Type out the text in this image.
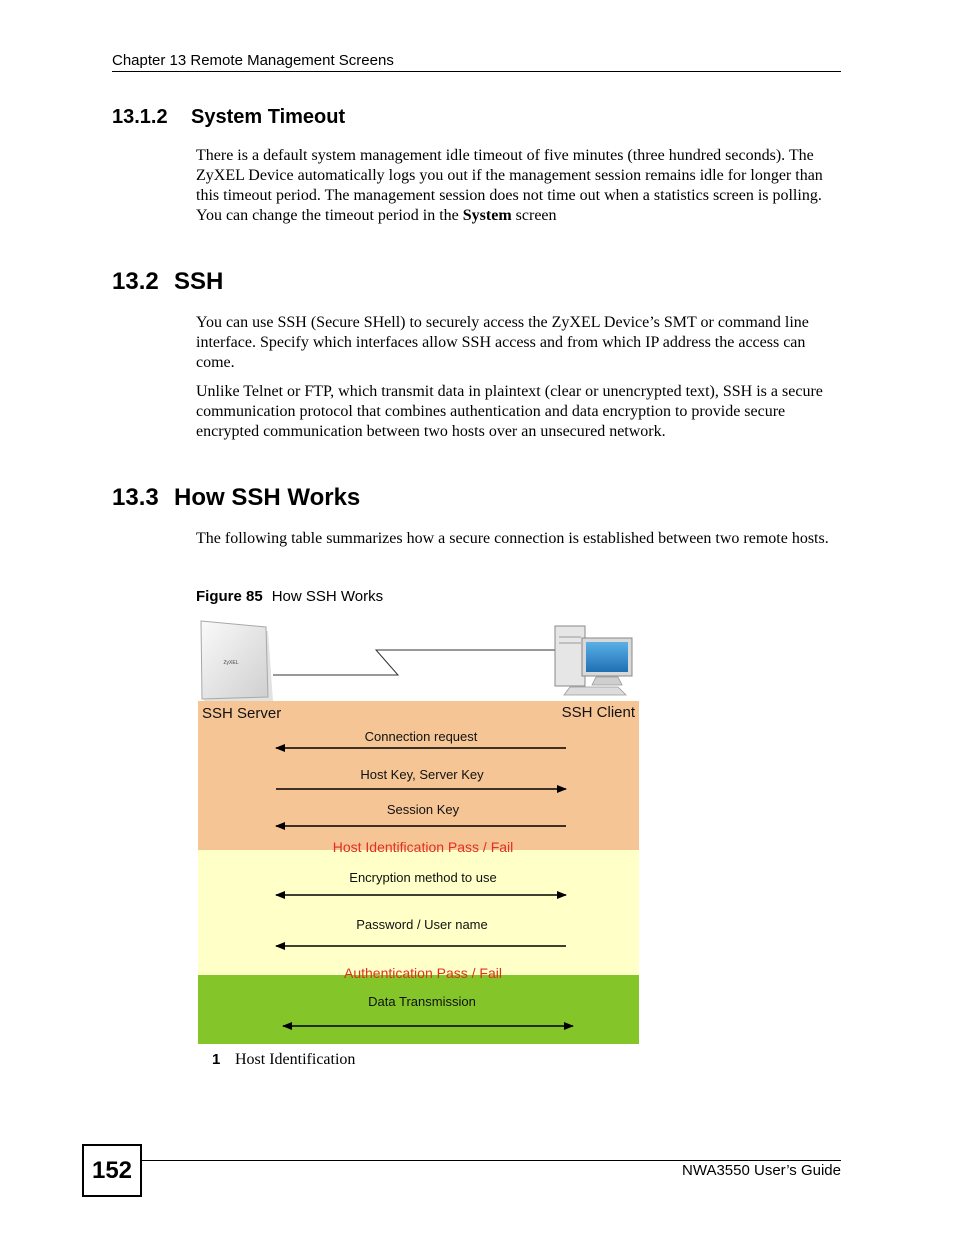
Chapter 13 Remote Management Screens
13.1.2 System Timeout

There is a default system management idle timeout of five minutes (three hundred seconds). The ZyXEL Device automatically logs you out if the management session remains idle for longer than this timeout period. The management session does not time out when a statistics screen is polling. You can change the timeout period in the System screen

13.2 SSH

You can use SSH (Secure SHell) to securely access the ZyXEL Device’s SMT or command line interface. Specify which interfaces allow SSH access and from which IP address the access can come.

Unlike Telnet or FTP, which transmit data in plaintext (clear or unencrypted text), SSH is a secure communication protocol that combines authentication and data encryption to provide secure encrypted communication between two hosts over an unsecured network.

13.3 How SSH Works

The following table summarizes how a secure connection is established between two remote hosts.

Figure 85 How SSH Works
ZyXEL
SSH Server	SSH Client
Connection request
Host Key, Server Key
Session Key
Host Identification Pass / Fail
Encryption method to use
Password / User name
Authentication Pass / Fail
Data Transmission
1 Host Identification
152	NWA3550 User’s Guide
